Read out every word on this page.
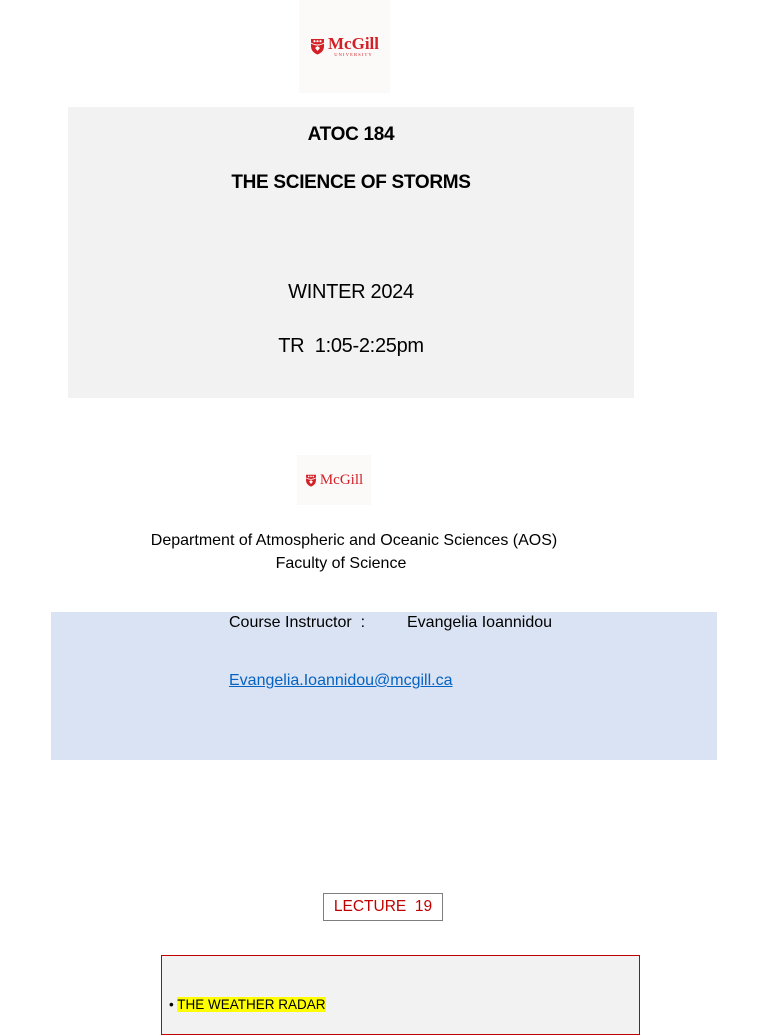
McGill
UNIVERSITY
ATOC 184
THE SCIENCE OF STORMS
WINTER 2024
TR  1:05-2:25pm
McGill
Department of Atmospheric and Oceanic Sciences (AOS)
Faculty of Science
Course Instructor  :	Evangelia Ioannidou
Evangelia.Ioannidou@mcgill.ca
LECTURE  19
• THE WEATHER RADAR
